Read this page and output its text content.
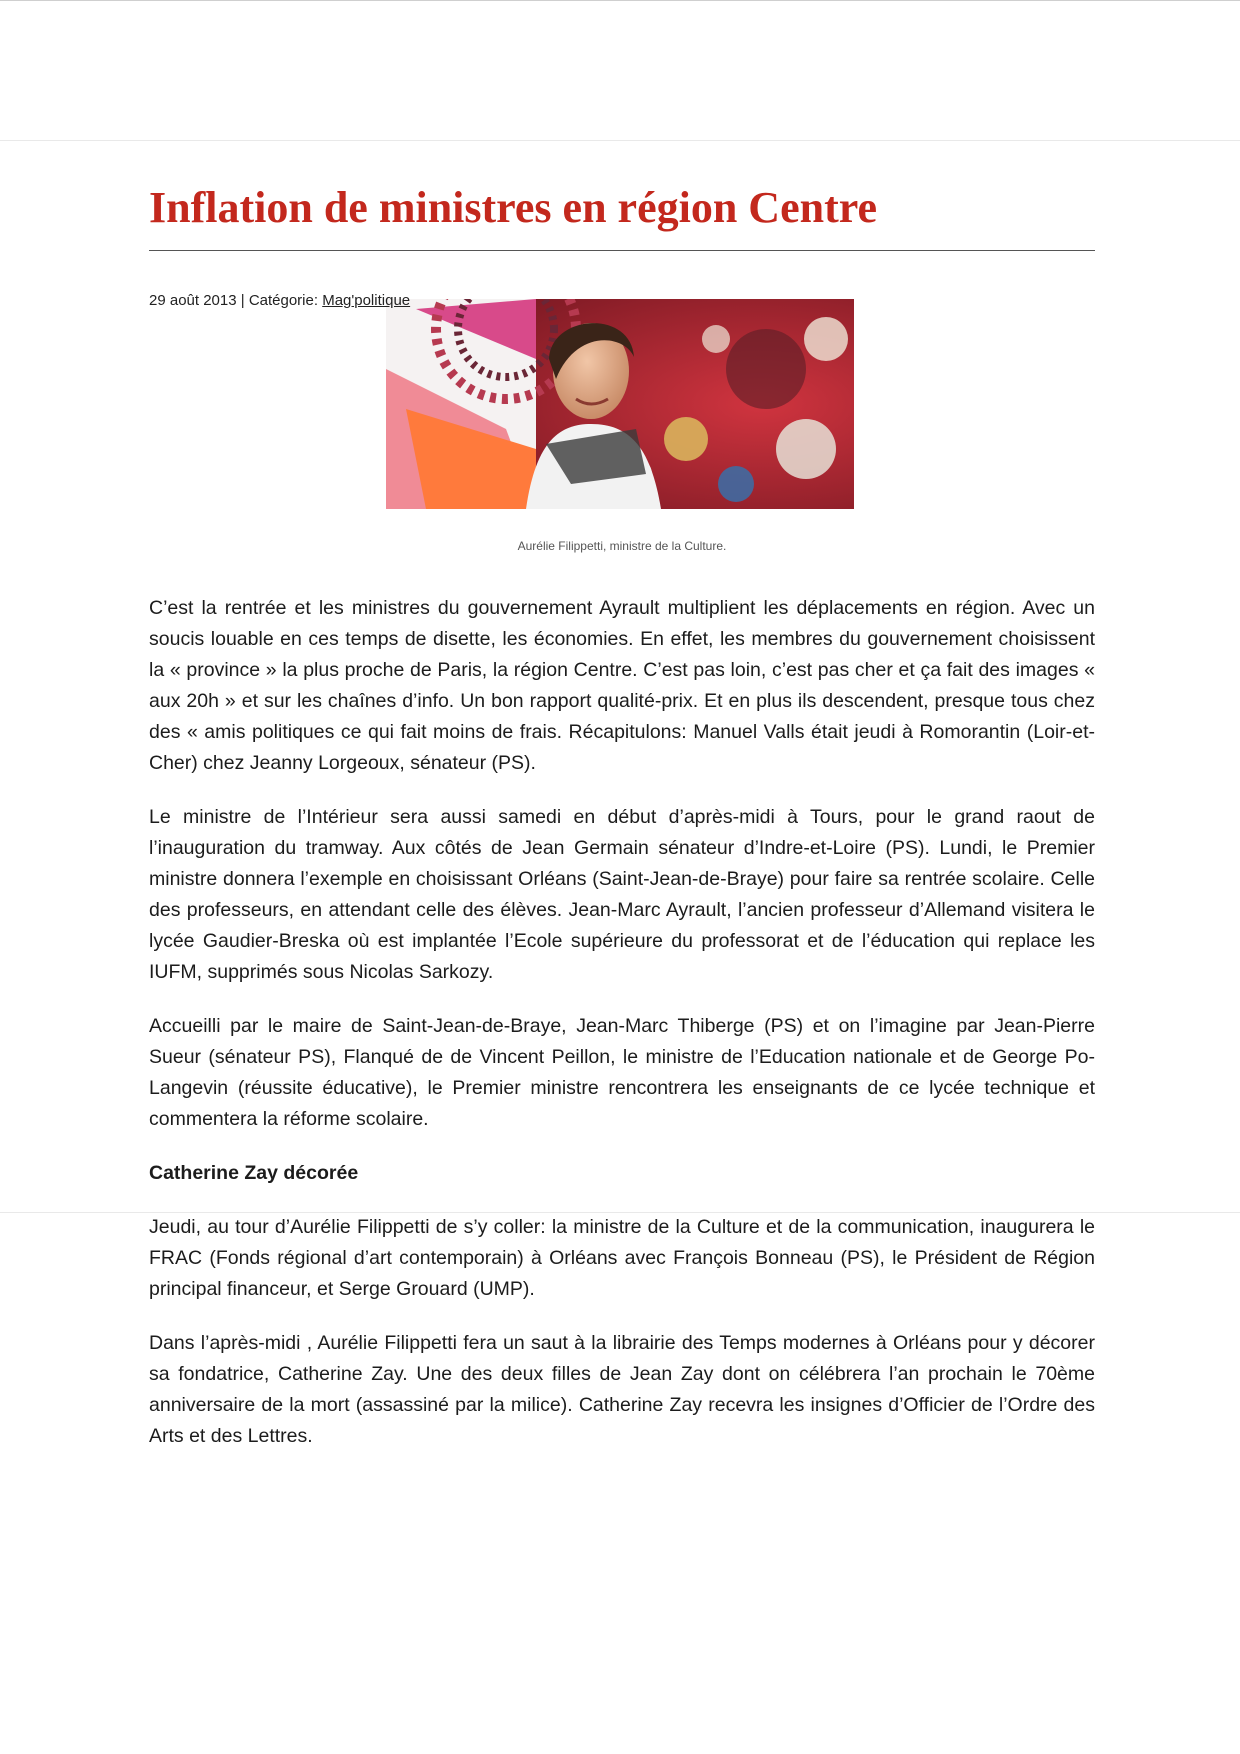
Inflation de ministres en région Centre
29 août 2013 | Catégorie: Mag'politique
Aurélie Filippetti, ministre de la Culture.

C’est la rentrée et les ministres du gouvernement Ayrault multiplient les déplacements en région. Avec un soucis louable en ces temps de disette, les économies. En effet, les membres du gouvernement choisissent la « province » la plus proche de Paris, la région Centre. C’est pas loin, c’est pas cher et ça fait des images « aux 20h » et sur les chaînes d’info. Un bon rapport qualité-prix. Et en plus ils descendent, presque tous chez des « amis politiques ce qui fait moins de frais. Récapitulons: Manuel Valls était jeudi à Romorantin (Loir-et-Cher) chez Jeanny Lorgeoux, sénateur (PS).

Le ministre de l’Intérieur sera aussi samedi en début d’après-midi à Tours, pour le grand raout de l’inauguration du tramway. Aux côtés de Jean Germain sénateur d’Indre-et-Loire (PS). Lundi, le Premier ministre donnera l’exemple en choisissant Orléans (Saint-Jean-de-Braye) pour faire sa rentrée scolaire. Celle des professeurs, en attendant celle des élèves. Jean-Marc Ayrault, l’ancien professeur d’Allemand visitera le lycée Gaudier-Breska où est implantée l’Ecole supérieure du professorat et de l’éducation qui replace les IUFM, supprimés sous Nicolas Sarkozy.

Accueilli par le maire de Saint-Jean-de-Braye, Jean-Marc Thiberge (PS) et on l’imagine par Jean-Pierre Sueur (sénateur PS), Flanqué de de Vincent Peillon, le ministre de l’Education nationale et de George Po-Langevin (réussite éducative), le Premier ministre rencontrera les enseignants de ce lycée technique et commentera la réforme scolaire.

Catherine Zay décorée

Jeudi, au tour d’Aurélie Filippetti de s’y coller: la ministre de la Culture et de la communication, inaugurera le FRAC (Fonds régional d’art contemporain) à Orléans avec François Bonneau (PS), le Président de Région principal financeur, et Serge Grouard (UMP).

Dans l’après-midi , Aurélie Filippetti fera un saut à la librairie des Temps modernes à Orléans pour y décorer sa fondatrice, Catherine Zay. Une des deux filles de Jean Zay dont on célébrera l’an prochain le 70ème anniversaire de la mort (assassiné par la milice). Catherine Zay recevra les insignes d’Officier de l’Ordre des Arts et des Lettres.
